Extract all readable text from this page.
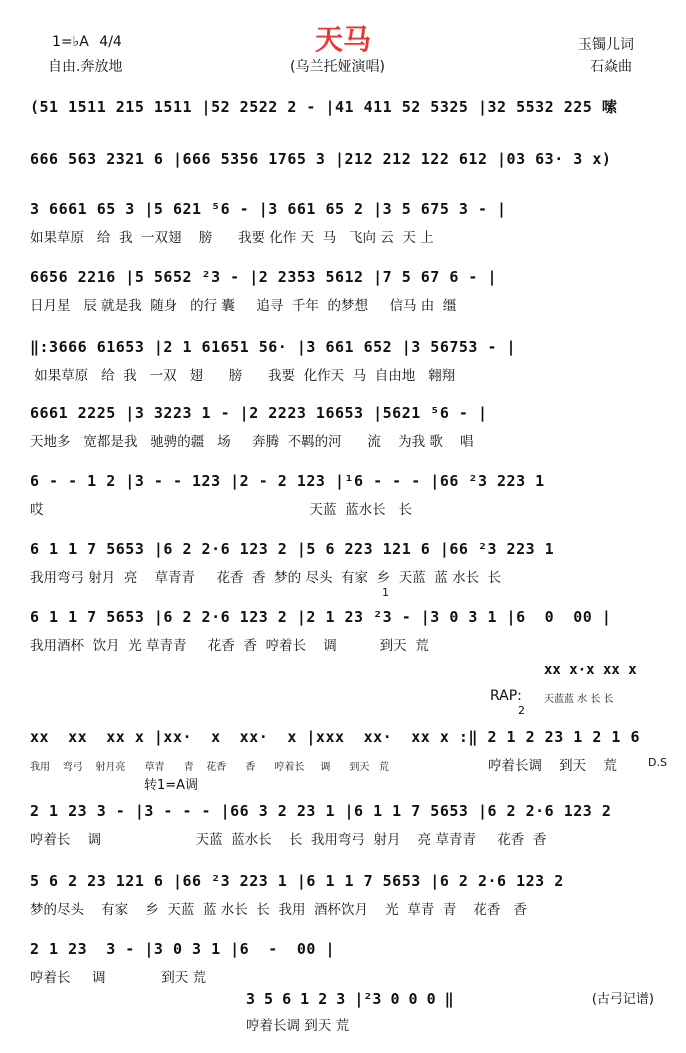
天马
1=♭A 4/4
自由.奔放地	(乌兰托娅演唱)
玉镯儿词
石焱曲
(51 1511 215 1511 |52 2522 2 - |41 411 52 5325 |32 5532 225 嗦
666 563 2321 6 |666 5356 1765 3 |212 212 122 612 |03 63· 3 x)
3 6661 65 3 |5 621 ⁵6 - |3 661 65 2 |3 5 675 3 - |
如果草原   给  我  一双翅    膀      我要 化作 天  马   飞向 云  天 上
6656 2216 |5 5652 ²3 - |2 2353 5612 |7 5 67 6 - |
日月星   辰 就是我  随身   的行 囊     追寻  千年  的梦想     信马 由  缰
‖:3666 61653 |2 1 61651 56· |3 661 652 |3 56753 - |
如果草原   给  我   一双   翅      膀      我要  化作天  马  自由地   翱翔
6661 2225 |3 3223 1 - |2 2223 16653 |5621 ⁵6 - |
天地多   宽都是我   驰骋的疆   场     奔腾  不羁的河      流    为我 歌    唱
6 - - 1 2 |3 - - 123 |2 - 2 123 |¹6 - - - |66 ²3 223 1
哎                                                              天蓝  蓝水长   长
6 1 1 7 5653 |6 2 2·6 123 2 |5 6 223 121 6 |66 ²3 223 1
我用弯弓 射月  亮    草青青     花香  香  梦的 尽头  有家  乡  天蓝  蓝 水长  长
1
6 1 1 7 5653 |6 2 2·6 123 2 |2 1 23 ²3 - |3 0 3 1 |6  0  00 |
我用酒杯  饮月  光 草青青     花香  香  哼着长    调          到天  荒
xx x·x xx x
RAP: 天蓝蓝 水 长 长
2
xx  xx  xx x |xx·  x  xx·  x |xxx  xx·  xx x :‖ 2 1 2 23 1 2 1 6
我用    弯弓    射月亮      草青      青    花香      香      哼着长     调      到天   荒	哼着长调    到天    荒	D.S
转1=A调
2 1 23 3 - |3 - - - |66 3 2 23 1 |6 1 1 7 5653 |6 2 2·6 123 2
哼着长    调                      天蓝  蓝水长    长  我用弯弓  射月    亮 草青青     花香  香
5 6 2 23 121 6 |66 ²3 223 1 |6 1 1 7 5653 |6 2 2·6 123 2
梦的尽头    有家    乡  天蓝  蓝 水长  长  我用  酒杯饮月    光  草青  青    花香   香
2 1 23  3 - |3 0 3 1 |6  -  00 |
哼着长     调             到天 荒
3 5 6 1 2 3 |²3 0 0 0 ‖
哼着长调 到天 荒
(古弓记谱)
